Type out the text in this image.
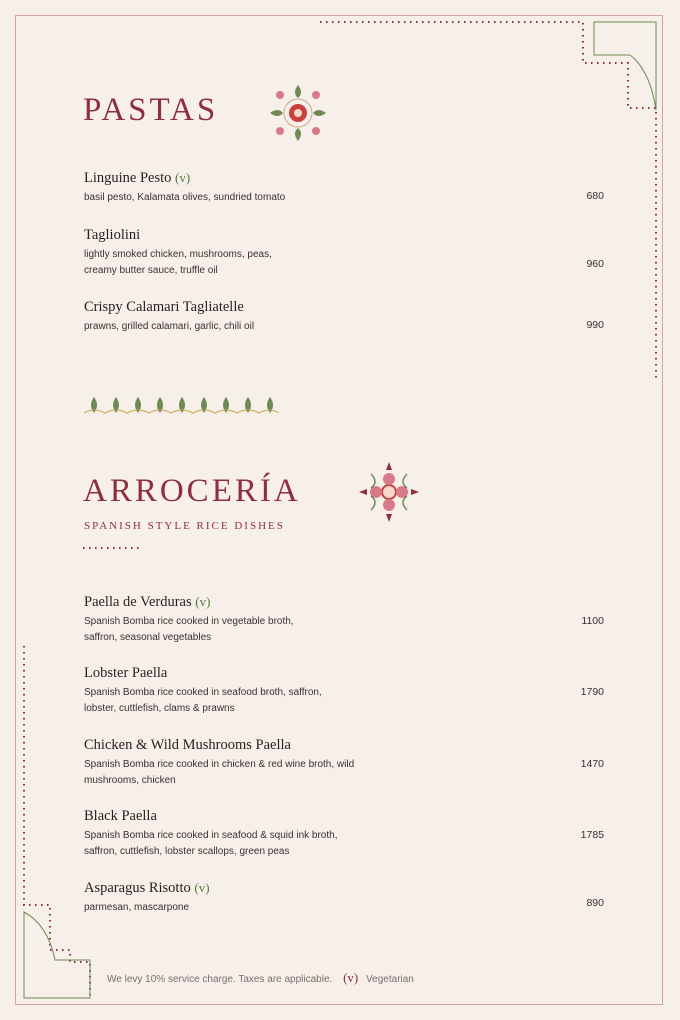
PASTAS
Linguine Pesto (v)
basil pesto, Kalamata olives, sundried tomato	680
Tagliolini
lightly smoked chicken, mushrooms, peas, creamy butter sauce, truffle oil
960
Crispy Calamari Tagliatelle
prawns, grilled calamari, garlic, chili oil	990
ARROCERÍA
SPANISH STYLE RICE DISHES
Paella de Verduras (v)
Spanish Bomba rice cooked in vegetable broth, saffron, seasonal vegetables
1100
Lobster Paella
Spanish Bomba rice cooked in seafood broth, saffron, lobster, cuttlefish, clams & prawns
1790
Chicken & Wild Mushrooms Paella
Spanish Bomba rice cooked in chicken & red wine broth, wild mushrooms, chicken
1470
Black Paella
Spanish Bomba rice cooked in seafood & squid ink broth, saffron, cuttlefish, lobster scallops, green peas
1785
Asparagus Risotto (v)
parmesan, mascarpone	890
We levy 10% service charge. Taxes are applicable. (v) Vegetarian
